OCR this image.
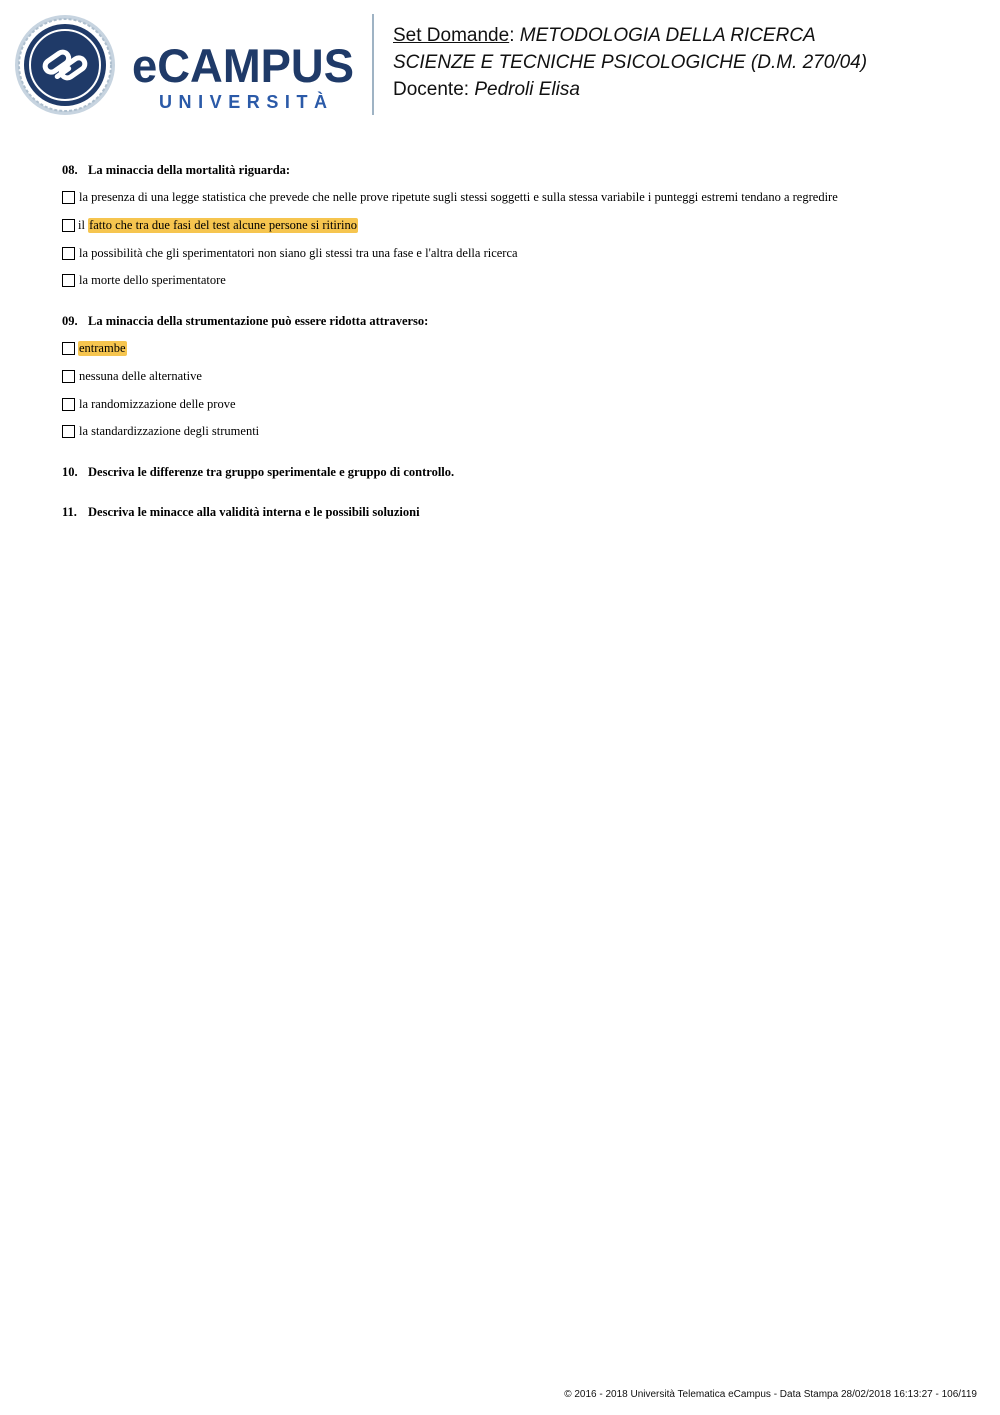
eCAMPUS
UNIVERSITÀ
Set Domande: METODOLOGIA DELLA RICERCA
SCIENZE E TECNICHE PSICOLOGICHE (D.M. 270/04)
Docente: Pedroli Elisa
08. La minaccia della mortalità riguarda:
la presenza di una legge statistica che prevede che nelle prove ripetute sugli stessi soggetti e sulla stessa variabile i punteggi estremi tendano a regredire
il fatto che tra due fasi del test alcune persone si ritirino
la possibilità che gli sperimentatori non siano gli stessi tra una fase e l'altra della ricerca
la morte dello sperimentatore
09. La minaccia della strumentazione può essere ridotta attraverso:
entrambe
nessuna delle alternative
la randomizzazione delle prove
la standardizzazione degli strumenti
10. Descriva le differenze tra gruppo sperimentale e gruppo di controllo.
11. Descriva le minacce alla validità interna e le possibili soluzioni
© 2016 - 2018 Università Telematica eCampus - Data Stampa 28/02/2018 16:13:27 - 106/119
